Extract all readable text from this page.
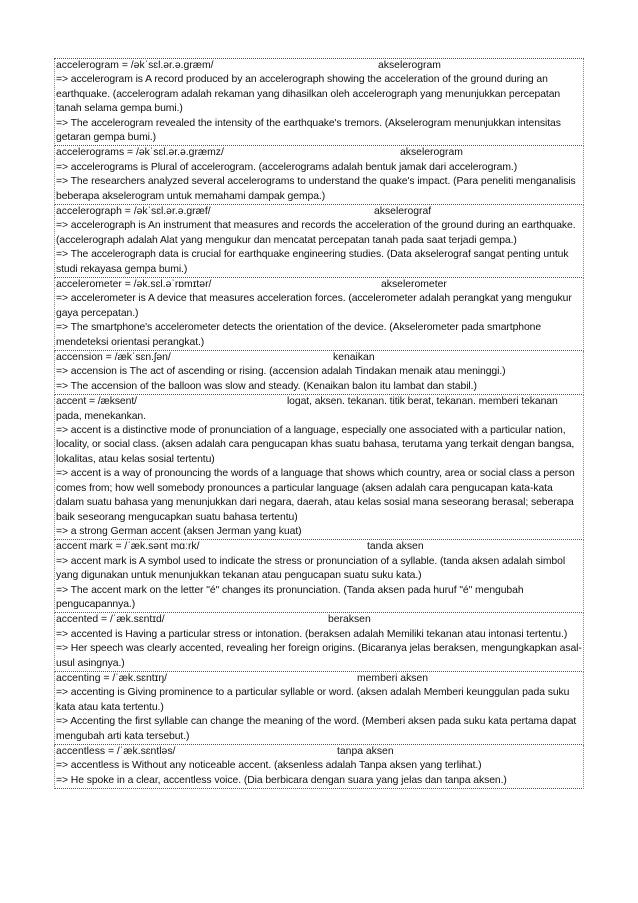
accelerogram = /əkˈsɛl.ər.ə.ɡræm/	akselerogram
=> accelerogram is A record produced by an accelerograph showing the acceleration of the ground during an earthquake. (accelerogram adalah rekaman yang dihasilkan oleh accelerograph yang menunjukkan percepatan tanah selama gempa bumi.)
=> The accelerogram revealed the intensity of the earthquake's tremors. (Akselerogram menunjukkan intensitas getaran gempa bumi.)
accelerograms = /əkˈsɛl.ər.ə.ɡræmz/	akselerogram
=> accelerograms is Plural of accelerogram. (accelerograms adalah bentuk jamak dari accelerogram.)
=> The researchers analyzed several accelerograms to understand the quake's impact. (Para peneliti menganalisis beberapa akselerogram untuk memahami dampak gempa.)
accelerograph = /əkˈsɛl.ər.ə.ɡræf/	akselerograf
=> accelerograph is An instrument that measures and records the acceleration of the ground during an earthquake. (accelerograph adalah Alat yang mengukur dan mencatat percepatan tanah pada saat terjadi gempa.)
=> The accelerograph data is crucial for earthquake engineering studies. (Data akselerograf sangat penting untuk studi rekayasa gempa bumi.)
accelerometer = /ək.sɛl.əˈrɒmɪtər/	akselerometer
=> accelerometer is A device that measures acceleration forces. (accelerometer adalah perangkat yang mengukur gaya percepatan.)
=> The smartphone's accelerometer detects the orientation of the device. (Akselerometer pada smartphone mendeteksi orientasi perangkat.)
accension = /ækˈsɛn.ʃən/	kenaikan
=> accension is The act of ascending or rising. (accension adalah Tindakan menaik atau meninggi.)
=> The accension of the balloon was slow and steady. (Kenaikan balon itu lambat dan stabil.)
accent = /æksent/	logat, aksen. tekanan. titik berat, tekanan. memberi tekanan pada, menekankan.
=> accent is a distinctive mode of pronunciation of a language, especially one associated with a particular nation, locality, or social class. (aksen adalah cara pengucapan khas suatu bahasa, terutama yang terkait dengan bangsa, lokalitas, atau kelas sosial tertentu)
=> accent is a way of pronouncing the words of a language that shows which country, area or social class a person comes from; how well somebody pronounces a particular language (aksen adalah cara pengucapan kata-kata dalam suatu bahasa yang menunjukkan dari negara, daerah, atau kelas sosial mana seseorang berasal; seberapa baik seseorang mengucapkan suatu bahasa tertentu)
=> a strong German accent (aksen Jerman yang kuat)
accent mark = /ˈæk.sənt mɑːrk/	tanda aksen
=> accent mark is A symbol used to indicate the stress or pronunciation of a syllable. (tanda aksen adalah simbol yang digunakan untuk menunjukkan tekanan atau pengucapan suatu suku kata.)
=> The accent mark on the letter "é" changes its pronunciation. (Tanda aksen pada huruf "é" mengubah pengucapannya.)
accented = /ˈæk.sɛntɪd/	beraksen
=> accented is Having a particular stress or intonation. (beraksen adalah Memiliki tekanan atau intonasi tertentu.)
=> Her speech was clearly accented, revealing her foreign origins. (Bicaranya jelas beraksen, mengungkapkan asal-usul asingnya.)
accenting = /ˈæk.sɛntɪŋ/	memberi aksen
=> accenting is Giving prominence to a particular syllable or word. (aksen adalah Memberi keunggulan pada suku kata atau kata tertentu.)
=> Accenting the first syllable can change the meaning of the word. (Memberi aksen pada suku kata pertama dapat mengubah arti kata tersebut.)
accentless = /ˈæk.sɛntləs/	tanpa aksen
=> accentless is Without any noticeable accent. (aksenless adalah Tanpa aksen yang terlihat.)
=> He spoke in a clear, accentless voice. (Dia berbicara dengan suara yang jelas dan tanpa aksen.)
